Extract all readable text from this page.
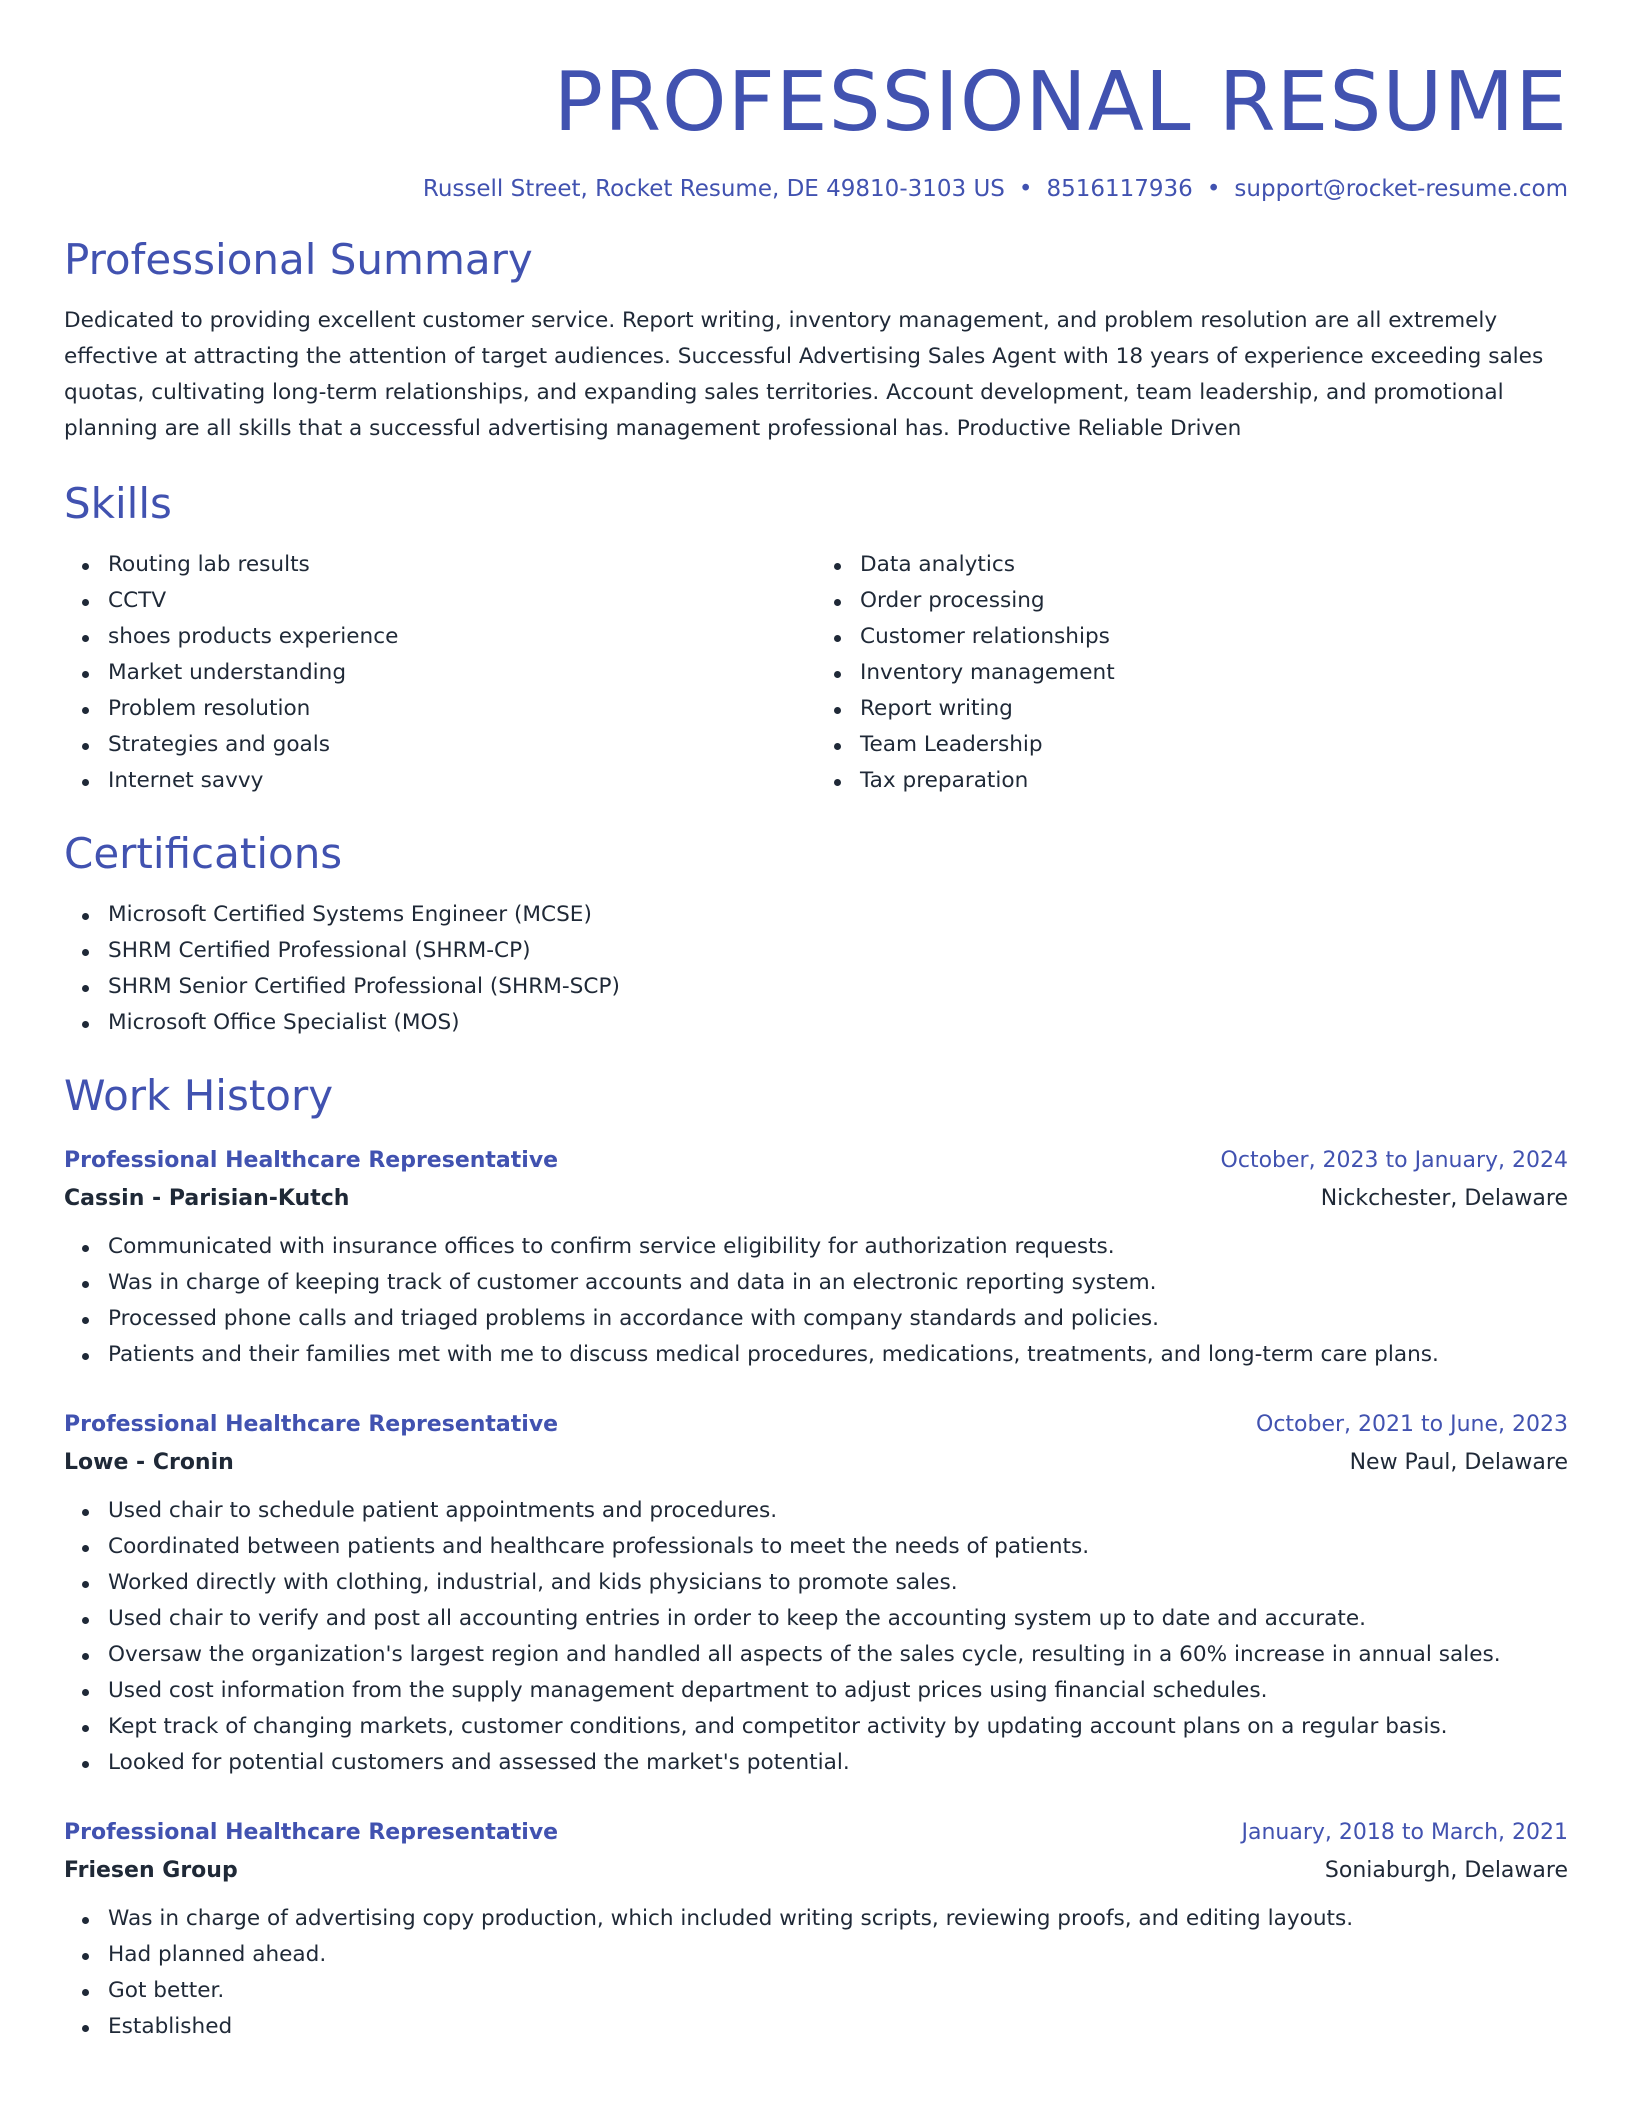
PROFESSIONAL RESUME
Russell Street, Rocket Resume, DE 49810-3103 US • 8516117936 • support@rocket-resume.com
Professional Summary
Dedicated to providing excellent customer service. Report writing, inventory management, and problem resolution are all extremely effective at attracting the attention of target audiences. Successful Advertising Sales Agent with 18 years of experience exceeding sales quotas, cultivating long-term relationships, and expanding sales territories. Account development, team leadership, and promotional planning are all skills that a successful advertising management professional has. Productive Reliable Driven
Skills
Routing lab results
CCTV
shoes products experience
Market understanding
Problem resolution
Strategies and goals
Internet savvy
Data analytics
Order processing
Customer relationships
Inventory management
Report writing
Team Leadership
Tax preparation
Certifications
Microsoft Certified Systems Engineer (MCSE)
SHRM Certified Professional (SHRM-CP)
SHRM Senior Certified Professional (SHRM-SCP)
Microsoft Office Specialist (MOS)
Work History
Professional Healthcare Representative	October, 2023 to January, 2024
Cassin - Parisian-Kutch	Nickchester, Delaware
Communicated with insurance offices to confirm service eligibility for authorization requests.
Was in charge of keeping track of customer accounts and data in an electronic reporting system.
Processed phone calls and triaged problems in accordance with company standards and policies.
Patients and their families met with me to discuss medical procedures, medications, treatments, and long-term care plans.
Professional Healthcare Representative	October, 2021 to June, 2023
Lowe - Cronin	New Paul, Delaware
Used chair to schedule patient appointments and procedures.
Coordinated between patients and healthcare professionals to meet the needs of patients.
Worked directly with clothing, industrial, and kids physicians to promote sales.
Used chair to verify and post all accounting entries in order to keep the accounting system up to date and accurate.
Oversaw the organization's largest region and handled all aspects of the sales cycle, resulting in a 60% increase in annual sales.
Used cost information from the supply management department to adjust prices using financial schedules.
Kept track of changing markets, customer conditions, and competitor activity by updating account plans on a regular basis.
Looked for potential customers and assessed the market's potential.
Professional Healthcare Representative	January, 2018 to March, 2021
Friesen Group	Soniaburgh, Delaware
Was in charge of advertising copy production, which included writing scripts, reviewing proofs, and editing layouts.
Had planned ahead.
Got better.
Established
